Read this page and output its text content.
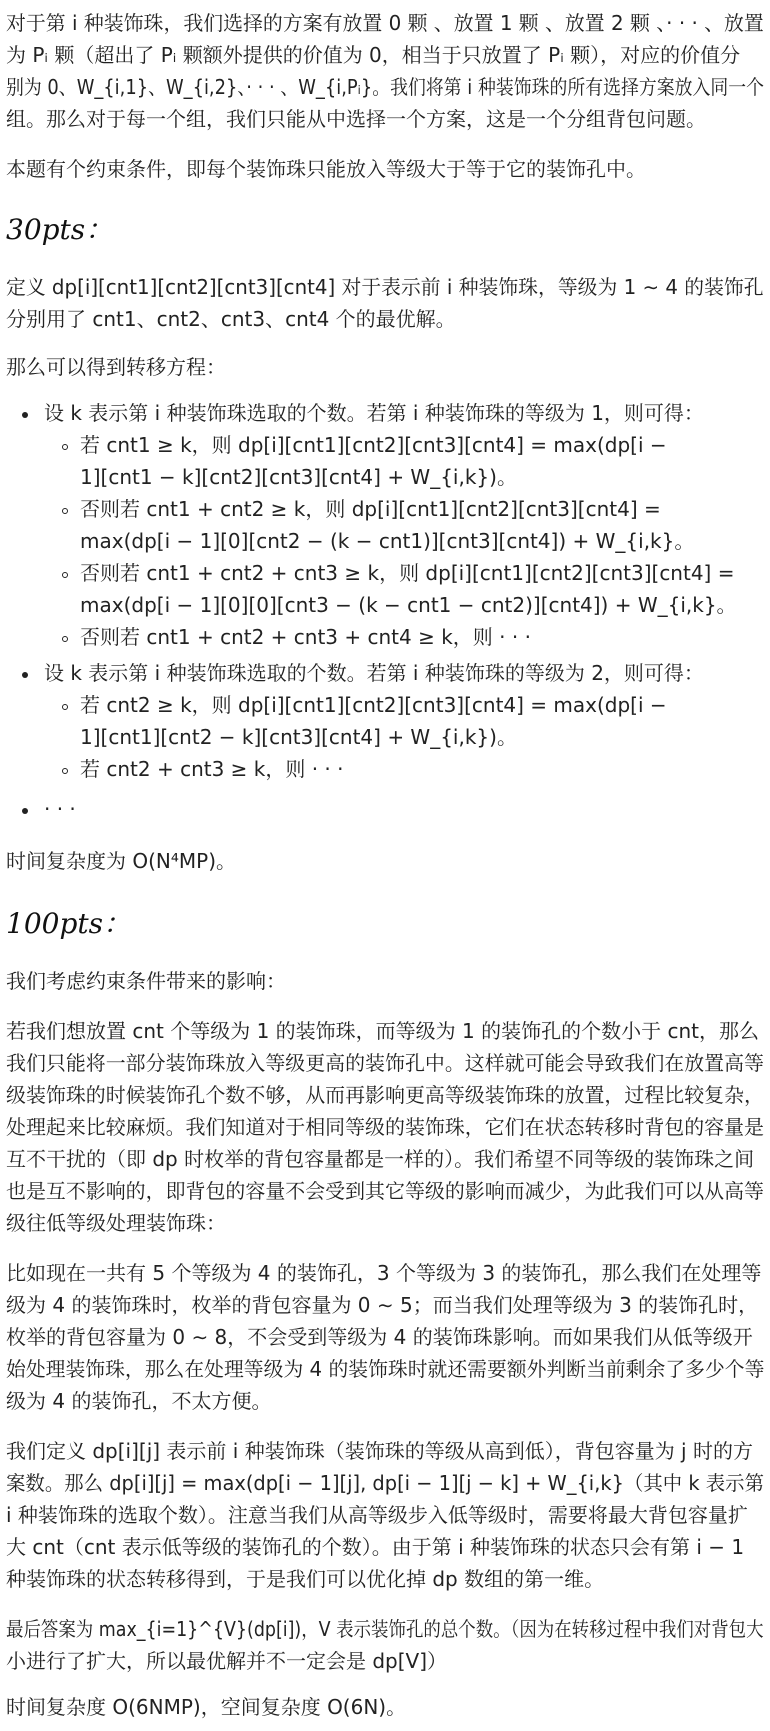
对于第 i 种装饰珠，我们选择的方案有放置 0 颗 、放置 1 颗 、放置 2 颗 、· · · 、放置
为 Pᵢ 颗（超出了 Pᵢ 颗额外提供的价值为 0，相当于只放置了 Pᵢ 颗），对应的价值分
别为 0、W_{i,1}、W_{i,2}、· · · 、W_{i,Pᵢ}。我们将第 i 种装饰珠的所有选择方案放入同一个
组。那么对于每一个组，我们只能从中选择一个方案，这是一个分组背包问题。
本题有个约束条件，即每个装饰珠只能放入等级大于等于它的装饰孔中。
30pts：
定义 dp[i][cnt1][cnt2][cnt3][cnt4] 对于表示前 i 种装饰珠，等级为 1 ∼ 4 的装饰孔
分别用了 cnt1、cnt2、cnt3、cnt4 个的最优解。
那么可以得到转移方程：
设 k 表示第 i 种装饰珠选取的个数。若第 i 种装饰珠的等级为 1，则可得：
若 cnt1 ≥ k，则 dp[i][cnt1][cnt2][cnt3][cnt4] = max(dp[i −
1][cnt1 − k][cnt2][cnt3][cnt4] + W_{i,k})。
否则若 cnt1 + cnt2 ≥ k，则 dp[i][cnt1][cnt2][cnt3][cnt4] =
max(dp[i − 1][0][cnt2 − (k − cnt1)][cnt3][cnt4]) + W_{i,k}。
否则若 cnt1 + cnt2 + cnt3 ≥ k，则 dp[i][cnt1][cnt2][cnt3][cnt4] =
max(dp[i − 1][0][0][cnt3 − (k − cnt1 − cnt2)][cnt4]) + W_{i,k}。
否则若 cnt1 + cnt2 + cnt3 + cnt4 ≥ k，则 · · ·
设 k 表示第 i 种装饰珠选取的个数。若第 i 种装饰珠的等级为 2，则可得：
若 cnt2 ≥ k，则 dp[i][cnt1][cnt2][cnt3][cnt4] = max(dp[i −
1][cnt1][cnt2 − k][cnt3][cnt4] + W_{i,k})。
若 cnt2 + cnt3 ≥ k，则 · · ·
· · ·
时间复杂度为 O(N⁴MP)。
100pts：
我们考虑约束条件带来的影响：
若我们想放置 cnt 个等级为 1 的装饰珠，而等级为 1 的装饰孔的个数小于 cnt，那么
我们只能将一部分装饰珠放入等级更高的装饰孔中。这样就可能会导致我们在放置高等
级装饰珠的时候装饰孔个数不够，从而再影响更高等级装饰珠的放置，过程比较复杂，
处理起来比较麻烦。我们知道对于相同等级的装饰珠，它们在状态转移时背包的容量是
互不干扰的（即 dp 时枚举的背包容量都是一样的）。我们希望不同等级的装饰珠之间
也是互不影响的，即背包的容量不会受到其它等级的影响而减少，为此我们可以从高等
级往低等级处理装饰珠：
比如现在一共有 5 个等级为 4 的装饰孔，3 个等级为 3 的装饰孔，那么我们在处理等
级为 4 的装饰珠时，枚举的背包容量为 0 ∼ 5；而当我们处理等级为 3 的装饰孔时，
枚举的背包容量为 0 ∼ 8，不会受到等级为 4 的装饰珠影响。而如果我们从低等级开
始处理装饰珠，那么在处理等级为 4 的装饰珠时就还需要额外判断当前剩余了多少个等
级为 4 的装饰孔，不太方便。
我们定义 dp[i][j] 表示前 i 种装饰珠（装饰珠的等级从高到低），背包容量为 j 时的方
案数。那么 dp[i][j] = max(dp[i − 1][j], dp[i − 1][j − k] + W_{i,k}（其中 k 表示第
i 种装饰珠的选取个数）。注意当我们从高等级步入低等级时，需要将最大背包容量扩
大 cnt（cnt 表示低等级的装饰孔的个数）。由于第 i 种装饰珠的状态只会有第 i − 1
种装饰珠的状态转移得到，于是我们可以优化掉 dp 数组的第一维。
最后答案为 max_{i=1}^{V}(dp[i])，V 表示装饰孔的总个数。（因为在转移过程中我们对背包大
小进行了扩大，所以最优解并不一定会是 dp[V]）
时间复杂度 O(6NMP)，空间复杂度 O(6N)。
